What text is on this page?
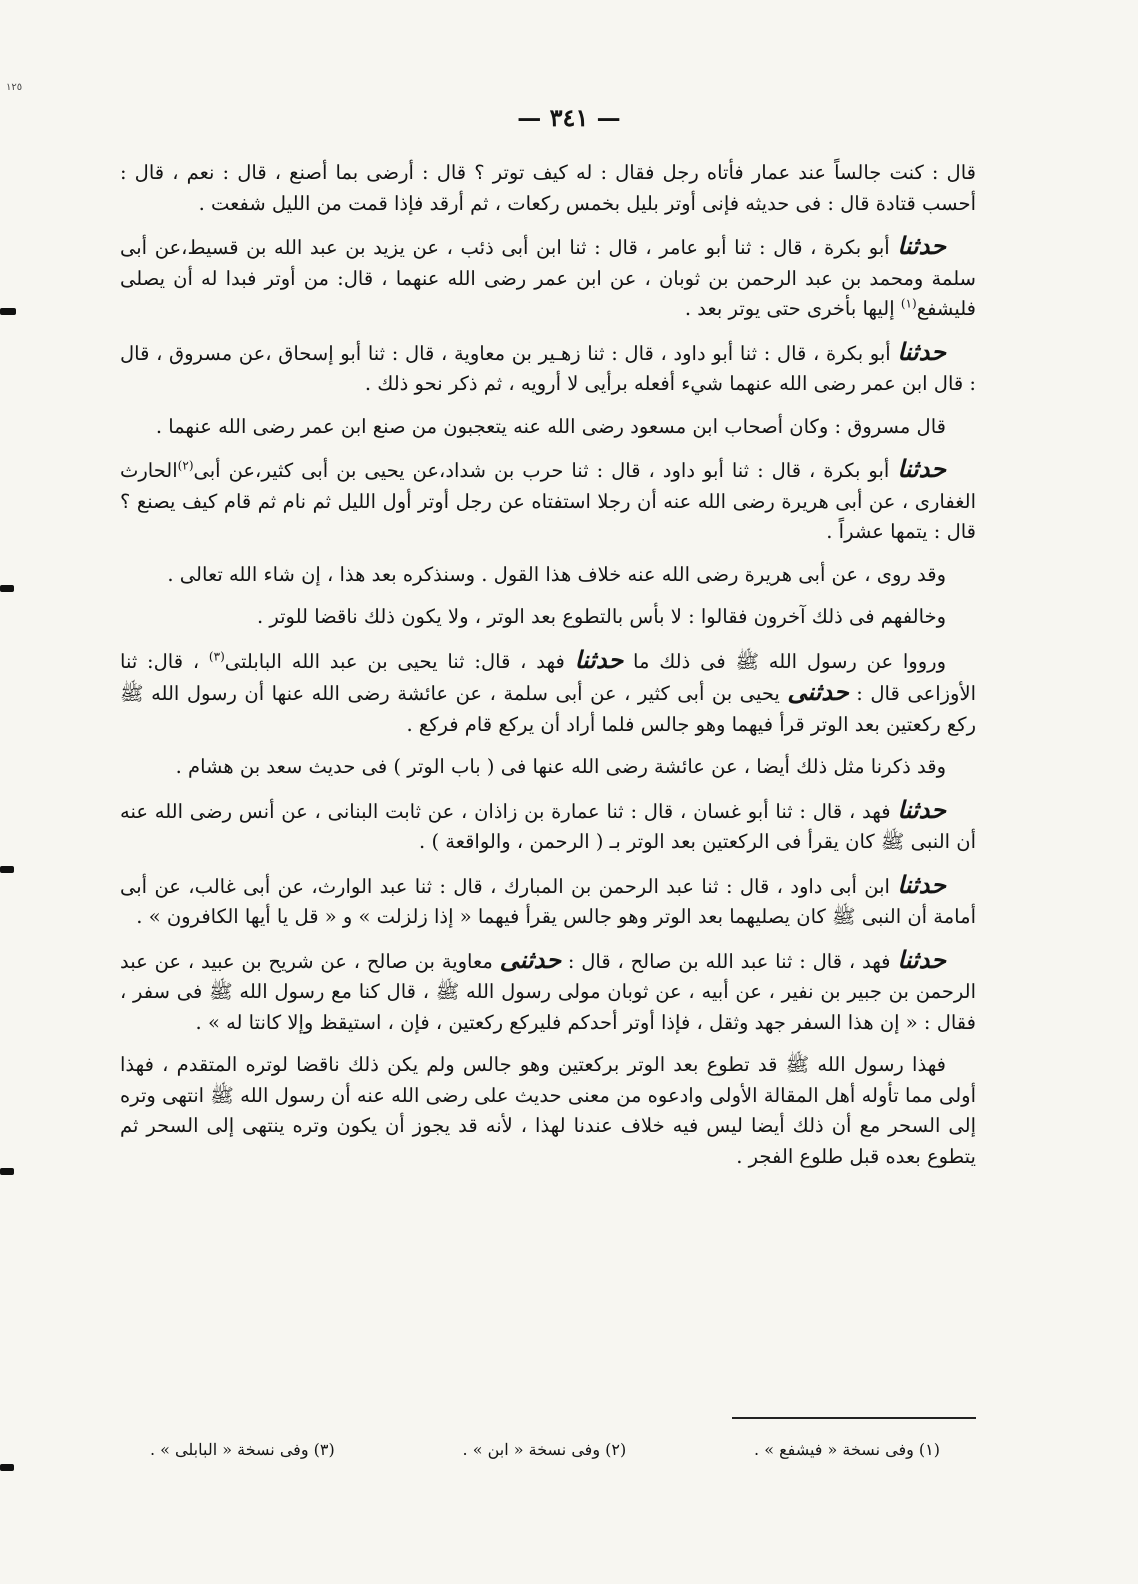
١٢٥
— ٣٤١ —

قال : كنت جالساً عند عمار فأتاه رجل فقال : له كيف توتر ؟ قال : أرضى بما أصنع ، قال : نعم ، قال : أحسب قتادة قال : فى حديثه فإنى أوتر بليل بخمس ركعات ، ثم أرقد فإذا قمت من الليل شفعت .

حدثنا أبو بكرة ، قال : ثنا أبو عامر ، قال : ثنا ابن أبى ذئب ، عن يزيد بن عبد الله بن قسيط،عن أبى سلمة ومحمد بن عبد الرحمن بن ثوبان ، عن ابن عمر رضى الله عنهما ، قال: من أوتر فبدا له أن يصلى فليشفع$^{(١)}$ إليها بأخرى حتى يوتر بعد .

حدثنا أبو بكرة ، قال : ثنا أبو داود ، قال : ثنا زهـير بن معاوية ، قال : ثنا أبو إسحاق ،عن مسروق ، قال : قال ابن عمر رضى الله عنهما شيء أفعله برأيى لا أرويه ، ثم ذكر نحو ذلك .

قال مسروق : وكان أصحاب ابن مسعود رضى الله عنه يتعجبون من صنع ابن عمر رضى الله عنهما .

حدثنا أبو بكرة ، قال : ثنا أبو داود ، قال : ثنا حرب بن شداد،عن يحيى بن أبى كثير،عن أبى$^{(٢)}$الحارث الغفارى ، عن أبى هريرة رضى الله عنه أن رجلا استفتاه عن رجل أوتر أول الليل ثم نام ثم قام كيف يصنع ؟ قال : يتمها عشراً .

وقد روى ، عن أبى هريرة رضى الله عنه خلاف هذا القول . وسنذكره بعد هذا ، إن شاء الله تعالى .

وخالفهم فى ذلك آخرون فقالوا : لا بأس بالتطوع بعد الوتر ، ولا يكون ذلك ناقضا للوتر .

ورووا عن رسول الله ﷺ فى ذلك ما حدثنا فهد ، قال: ثنا يحيى بن عبد الله البابلتى$^{(٣)}$ ، قال: ثنا الأوزاعى قال : حدثنى يحيى بن أبى كثير ، عن أبى سلمة ، عن عائشة رضى الله عنها أن رسول الله ﷺ ركع ركعتين بعد الوتر قرأ فيهما وهو جالس فلما أراد أن يركع قام فركع .

وقد ذكرنا مثل ذلك أيضا ، عن عائشة رضى الله عنها فى ( باب الوتر ) فى حديث سعد بن هشام .

حدثنا فهد ، قال : ثنا أبو غسان ، قال : ثنا عمارة بن زاذان ، عن ثابت البنانى ، عن أنس رضى الله عنه أن النبى ﷺ كان يقرأ فى الركعتين بعد الوتر بـ ( الرحمن ، والواقعة ) .

حدثنا ابن أبى داود ، قال : ثنا عبد الرحمن بن المبارك ، قال : ثنا عبد الوارث، عن أبى غالب، عن أبى أمامة أن النبى ﷺ كان يصليهما بعد الوتر وهو جالس يقرأ فيهما « إذا زلزلت » و « قل يا أيها الكافرون » .

حدثنا فهد ، قال : ثنا عبد الله بن صالح ، قال : حدثنى معاوية بن صالح ، عن شريح بن عبيد ، عن عبد الرحمن بن جبير بن نفير ، عن أبيه ، عن ثوبان مولى رسول الله ﷺ ، قال كنا مع رسول الله ﷺ فى سفر ، فقال : « إن هذا السفر جهد وثقل ، فإذا أوتر أحدكم فليركع ركعتين ، فإن ، استيقظ وإلا كانتا له » .

فهذا رسول الله ﷺ قد تطوع بعد الوتر بركعتين وهو جالس ولم يكن ذلك ناقضا لوتره المتقدم ، فهذا أولى مما تأوله أهل المقالة الأولى وادعوه من معنى حديث على رضى الله عنه أن رسول الله ﷺ انتهى وتره إلى السحر مع أن ذلك أيضا ليس فيه خلاف عندنا لهذا ، لأنه قد يجوز أن يكون وتره ينتهى إلى السحر ثم يتطوع بعده قبل طلوع الفجر .

(١) وفى نسخة « فيشفع » .
(٢) وفى نسخة « ابن » .
(٣) وفى نسخة « البابلى » .
